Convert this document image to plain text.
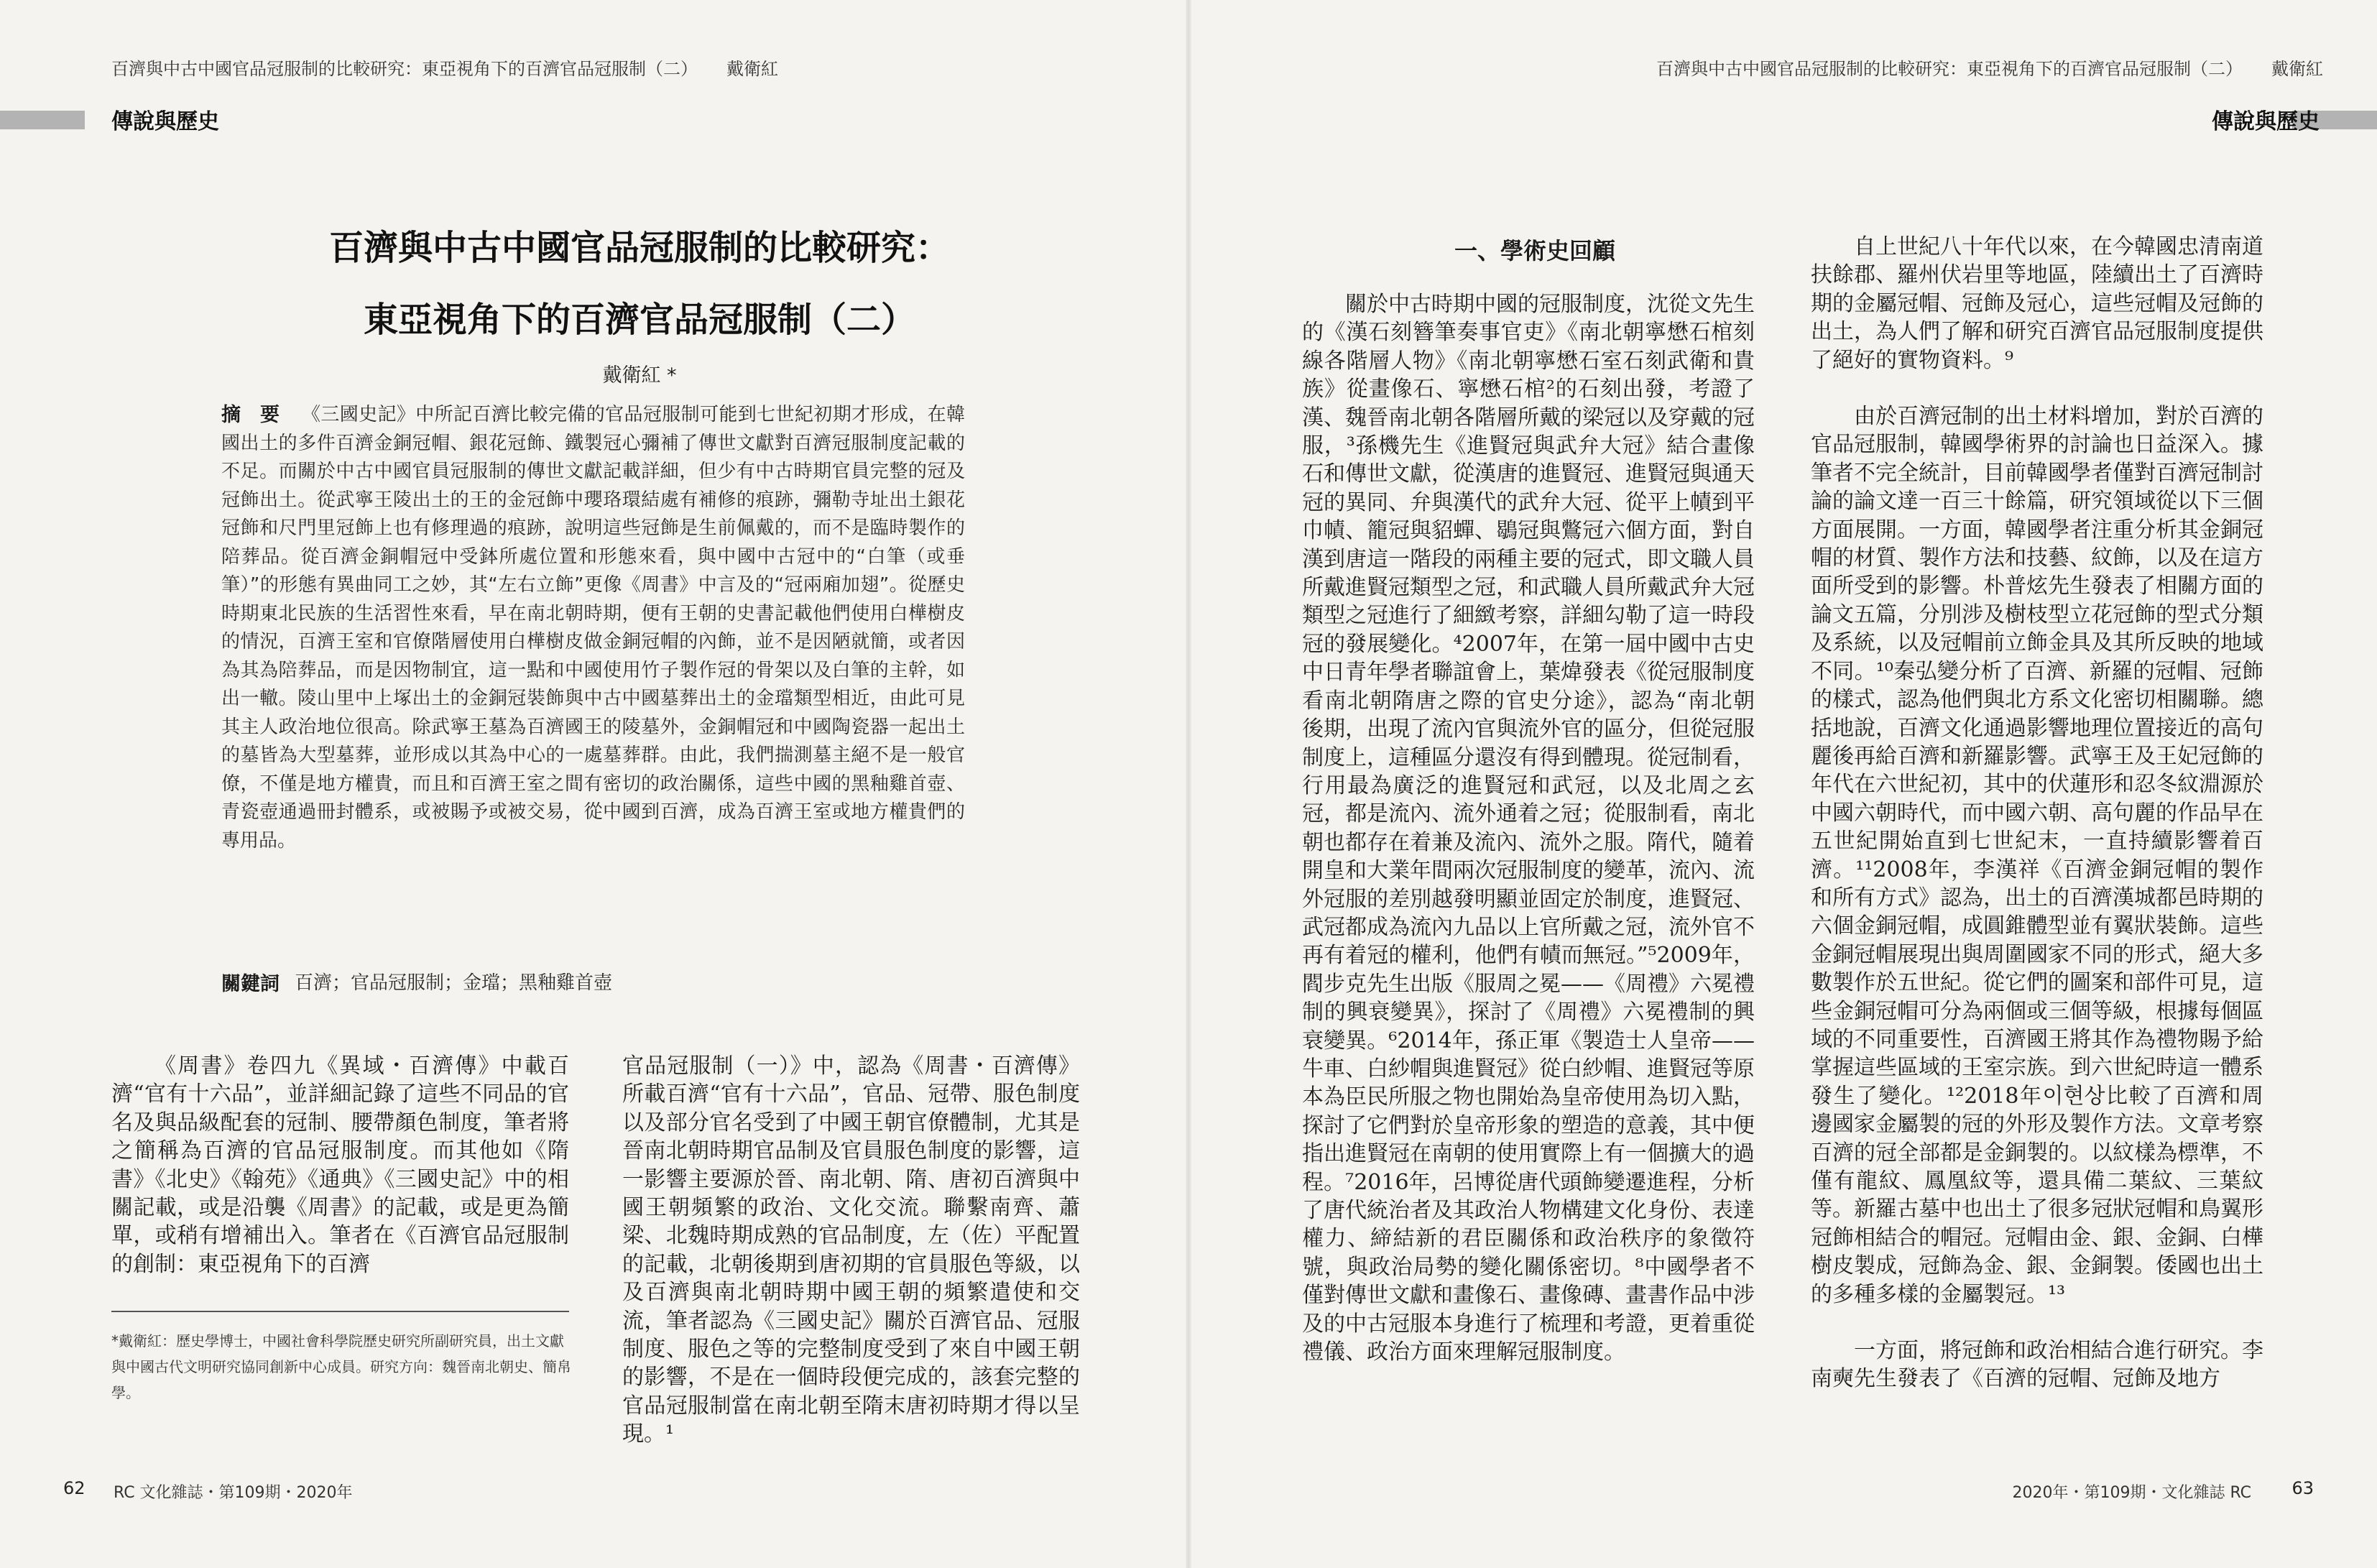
百濟與中古中國官品冠服制的比較研究：東亞視角下的百濟官品冠服制（二） 戴衛紅
傳說與歷史
百濟與中古中國官品冠服制的比較研究：
東亞視角下的百濟官品冠服制（二）
戴衛紅 *
摘　要	《三國史記》中所記百濟比較完備的官品冠服制可能到七世紀初期才形成，在韓國出土的多件百濟金銅冠帽、銀花冠飾、鐵製冠心彌補了傳世文獻對百濟冠服制度記載的不足。而關於中古中國官員冠服制的傳世文獻記載詳細，但少有中古時期官員完整的冠及冠飾出土。從武寧王陵出土的王的金冠飾中瓔珞環結處有補修的痕跡，彌勒寺址出土銀花冠飾和尺門里冠飾上也有修理過的痕跡，說明這些冠飾是生前佩戴的，而不是臨時製作的陪葬品。從百濟金銅帽冠中受鉢所處位置和形態來看，與中國中古冠中的“白筆（或垂筆）”的形態有異曲同工之妙，其“左右立飾”更像《周書》中言及的“冠兩廂加翅”。從歷史時期東北民族的生活習性來看，早在南北朝時期，便有王朝的史書記載他們使用白樺樹皮的情況，百濟王室和官僚階層使用白樺樹皮做金銅冠帽的內飾，並不是因陋就簡，或者因為其為陪葬品，而是因物制宜，這一點和中國使用竹子製作冠的骨架以及白筆的主幹，如出一轍。陵山里中上塚出土的金銅冠裝飾與中古中國墓葬出土的金璫類型相近，由此可見其主人政治地位很高。除武寧王墓為百濟國王的陵墓外，金銅帽冠和中國陶瓷器一起出土的墓皆為大型墓葬，並形成以其為中心的一處墓葬群。由此，我們揣測墓主絕不是一般官僚，不僅是地方權貴，而且和百濟王室之間有密切的政治關係，這些中國的黑釉雞首壺、青瓷壺通過冊封體系，或被賜予或被交易，從中國到百濟，成為百濟王室或地方權貴們的專用品。
關鍵詞 百濟；官品冠服制；金璫；黑釉雞首壺

《周書》卷四九《異域・百濟傳》中載百濟“官有十六品”，並詳細記錄了這些不同品的官名及與品級配套的冠制、腰帶顏色制度，筆者將之簡稱為百濟的官品冠服制度。而其他如《隋書》《北史》《翰苑》《通典》《三國史記》中的相關記載，或是沿襲《周書》的記載，或是更為簡單，或稍有增補出入。筆者在《百濟官品冠服制的創制：東亞視角下的百濟

官品冠服制（一）》中，認為《周書・百濟傳》所載百濟“官有十六品”，官品、冠帶、服色制度以及部分官名受到了中國王朝官僚體制，尤其是晉南北朝時期官品制及官員服色制度的影響，這一影響主要源於晉、南北朝、隋、唐初百濟與中國王朝頻繁的政治、文化交流。聯繫南齊、蕭梁、北魏時期成熟的官品制度，左（佐）平配置的記載，北朝後期到唐初期的官員服色等級，以及百濟與南北朝時期中國王朝的頻繁遣使和交流，筆者認為《三國史記》關於百濟官品、冠服制度、服色之等的完整制度受到了來自中國王朝的影響，不是在一個時段便完成的，該套完整的官品冠服制當在南北朝至隋末唐初時期才得以呈現。¹

*戴衛紅：歷史學博士，中國社會科學院歷史研究所副研究員，出土文獻與中國古代文明研究協同創新中心成員。研究方向：魏晉南北朝史、簡帛學。
62 RC 文化雜誌・第109期・2020年
百濟與中古中國官品冠服制的比較研究：東亞視角下的百濟官品冠服制（二） 戴衛紅
傳說與歷史
一、學術史回顧

關於中古時期中國的冠服制度，沈從文先生的《漢石刻簪筆奏事官吏》《南北朝寧懋石棺刻線各階層人物》《南北朝寧懋石室石刻武衛和貴族》從畫像石、寧懋石棺²的石刻出發，考證了漢、魏晉南北朝各階層所戴的梁冠以及穿戴的冠服，³孫機先生《進賢冠與武弁大冠》結合畫像石和傳世文獻，從漢唐的進賢冠、進賢冠與通天冠的異同、弁與漢代的武弁大冠、從平上幘到平巾幘、籠冠與貂蟬、鶡冠與鷩冠六個方面，對自漢到唐這一階段的兩種主要的冠式，即文職人員所戴進賢冠類型之冠，和武職人員所戴武弁大冠類型之冠進行了細緻考察，詳細勾勒了這一時段冠的發展變化。⁴2007年，在第一屆中國中古史中日青年學者聯誼會上，葉煒發表《從冠服制度看南北朝隋唐之際的官史分途》，認為“南北朝後期，出現了流內官與流外官的區分，但從冠服制度上，這種區分還沒有得到體現。從冠制看，行用最為廣泛的進賢冠和武冠，以及北周之玄冠，都是流內、流外通着之冠；從服制看，南北朝也都存在着兼及流內、流外之服。隋代，隨着開皇和大業年間兩次冠服制度的變革，流內、流外冠服的差別越發明顯並固定於制度，進賢冠、武冠都成為流內九品以上官所戴之冠，流外官不再有着冠的權利，他們有幘而無冠。”⁵2009年，閻步克先生出版《服周之冕——《周禮》六冕禮制的興衰變異》，探討了《周禮》六冕禮制的興衰變異。⁶2014年，孫正軍《製造士人皇帝——牛車、白紗帽與進賢冠》從白紗帽、進賢冠等原本為臣民所服之物也開始為皇帝使用為切入點，探討了它們對於皇帝形象的塑造的意義，其中便指出進賢冠在南朝的使用實際上有一個擴大的過程。⁷2016年，呂博從唐代頭飾變遷進程，分析了唐代統治者及其政治人物構建文化身份、表達權力、締結新的君臣關係和政治秩序的象徵符號，與政治局勢的變化關係密切。⁸中國學者不僅對傳世文獻和畫像石、畫像磚、畫書作品中涉及的中古冠服本身進行了梳理和考證，更着重從禮儀、政治方面來理解冠服制度。

自上世紀八十年代以來，在今韓國忠清南道扶餘郡、羅州伏岩里等地區，陸續出土了百濟時期的金屬冠帽、冠飾及冠心，這些冠帽及冠飾的出土，為人們了解和研究百濟官品冠服制度提供了絕好的實物資料。⁹

由於百濟冠制的出土材料增加，對於百濟的官品冠服制，韓國學術界的討論也日益深入。據筆者不完全統計，目前韓國學者僅對百濟冠制討論的論文達一百三十餘篇，研究領域從以下三個方面展開。一方面，韓國學者注重分析其金銅冠帽的材質、製作方法和技藝、紋飾，以及在這方面所受到的影響。朴普炫先生發表了相關方面的論文五篇，分別涉及樹枝型立花冠飾的型式分類及系統，以及冠帽前立飾金具及其所反映的地域不同。¹⁰秦弘變分析了百濟、新羅的冠帽、冠飾的樣式，認為他們與北方系文化密切相關聯。總括地說，百濟文化通過影響地理位置接近的高句麗後再給百濟和新羅影響。武寧王及王妃冠飾的年代在六世紀初，其中的伏蓮形和忍冬紋淵源於中國六朝時代，而中國六朝、高句麗的作品早在五世紀開始直到七世紀末，一直持續影響着百濟。¹¹2008年，李漢祥《百濟金銅冠帽的製作和所有方式》認為，出土的百濟漢城都邑時期的六個金銅冠帽，成圓錐體型並有翼狀裝飾。這些金銅冠帽展現出與周圍國家不同的形式，絕大多數製作於五世紀。從它們的圖案和部件可見，這些金銅冠帽可分為兩個或三個等級，根據每個區域的不同重要性，百濟國王將其作為禮物賜予給掌握這些區域的王室宗族。到六世紀時這一體系發生了變化。¹²2018年이현상比較了百濟和周邊國家金屬製的冠的外形及製作方法。文章考察百濟的冠全部都是金銅製的。以紋樣為標準，不僅有龍紋、鳳凰紋等，還具備二葉紋、三葉紋等。新羅古墓中也出土了很多冠狀冠帽和鳥翼形冠飾相結合的帽冠。冠帽由金、銀、金銅、白樺樹皮製成，冠飾為金、銀、金銅製。倭國也出土的多種多樣的金屬製冠。¹³

一方面，將冠飾和政治相結合進行研究。李南奭先生發表了《百濟的冠帽、冠飾及地方

2020年・第109期・文化雜誌 RC 63
